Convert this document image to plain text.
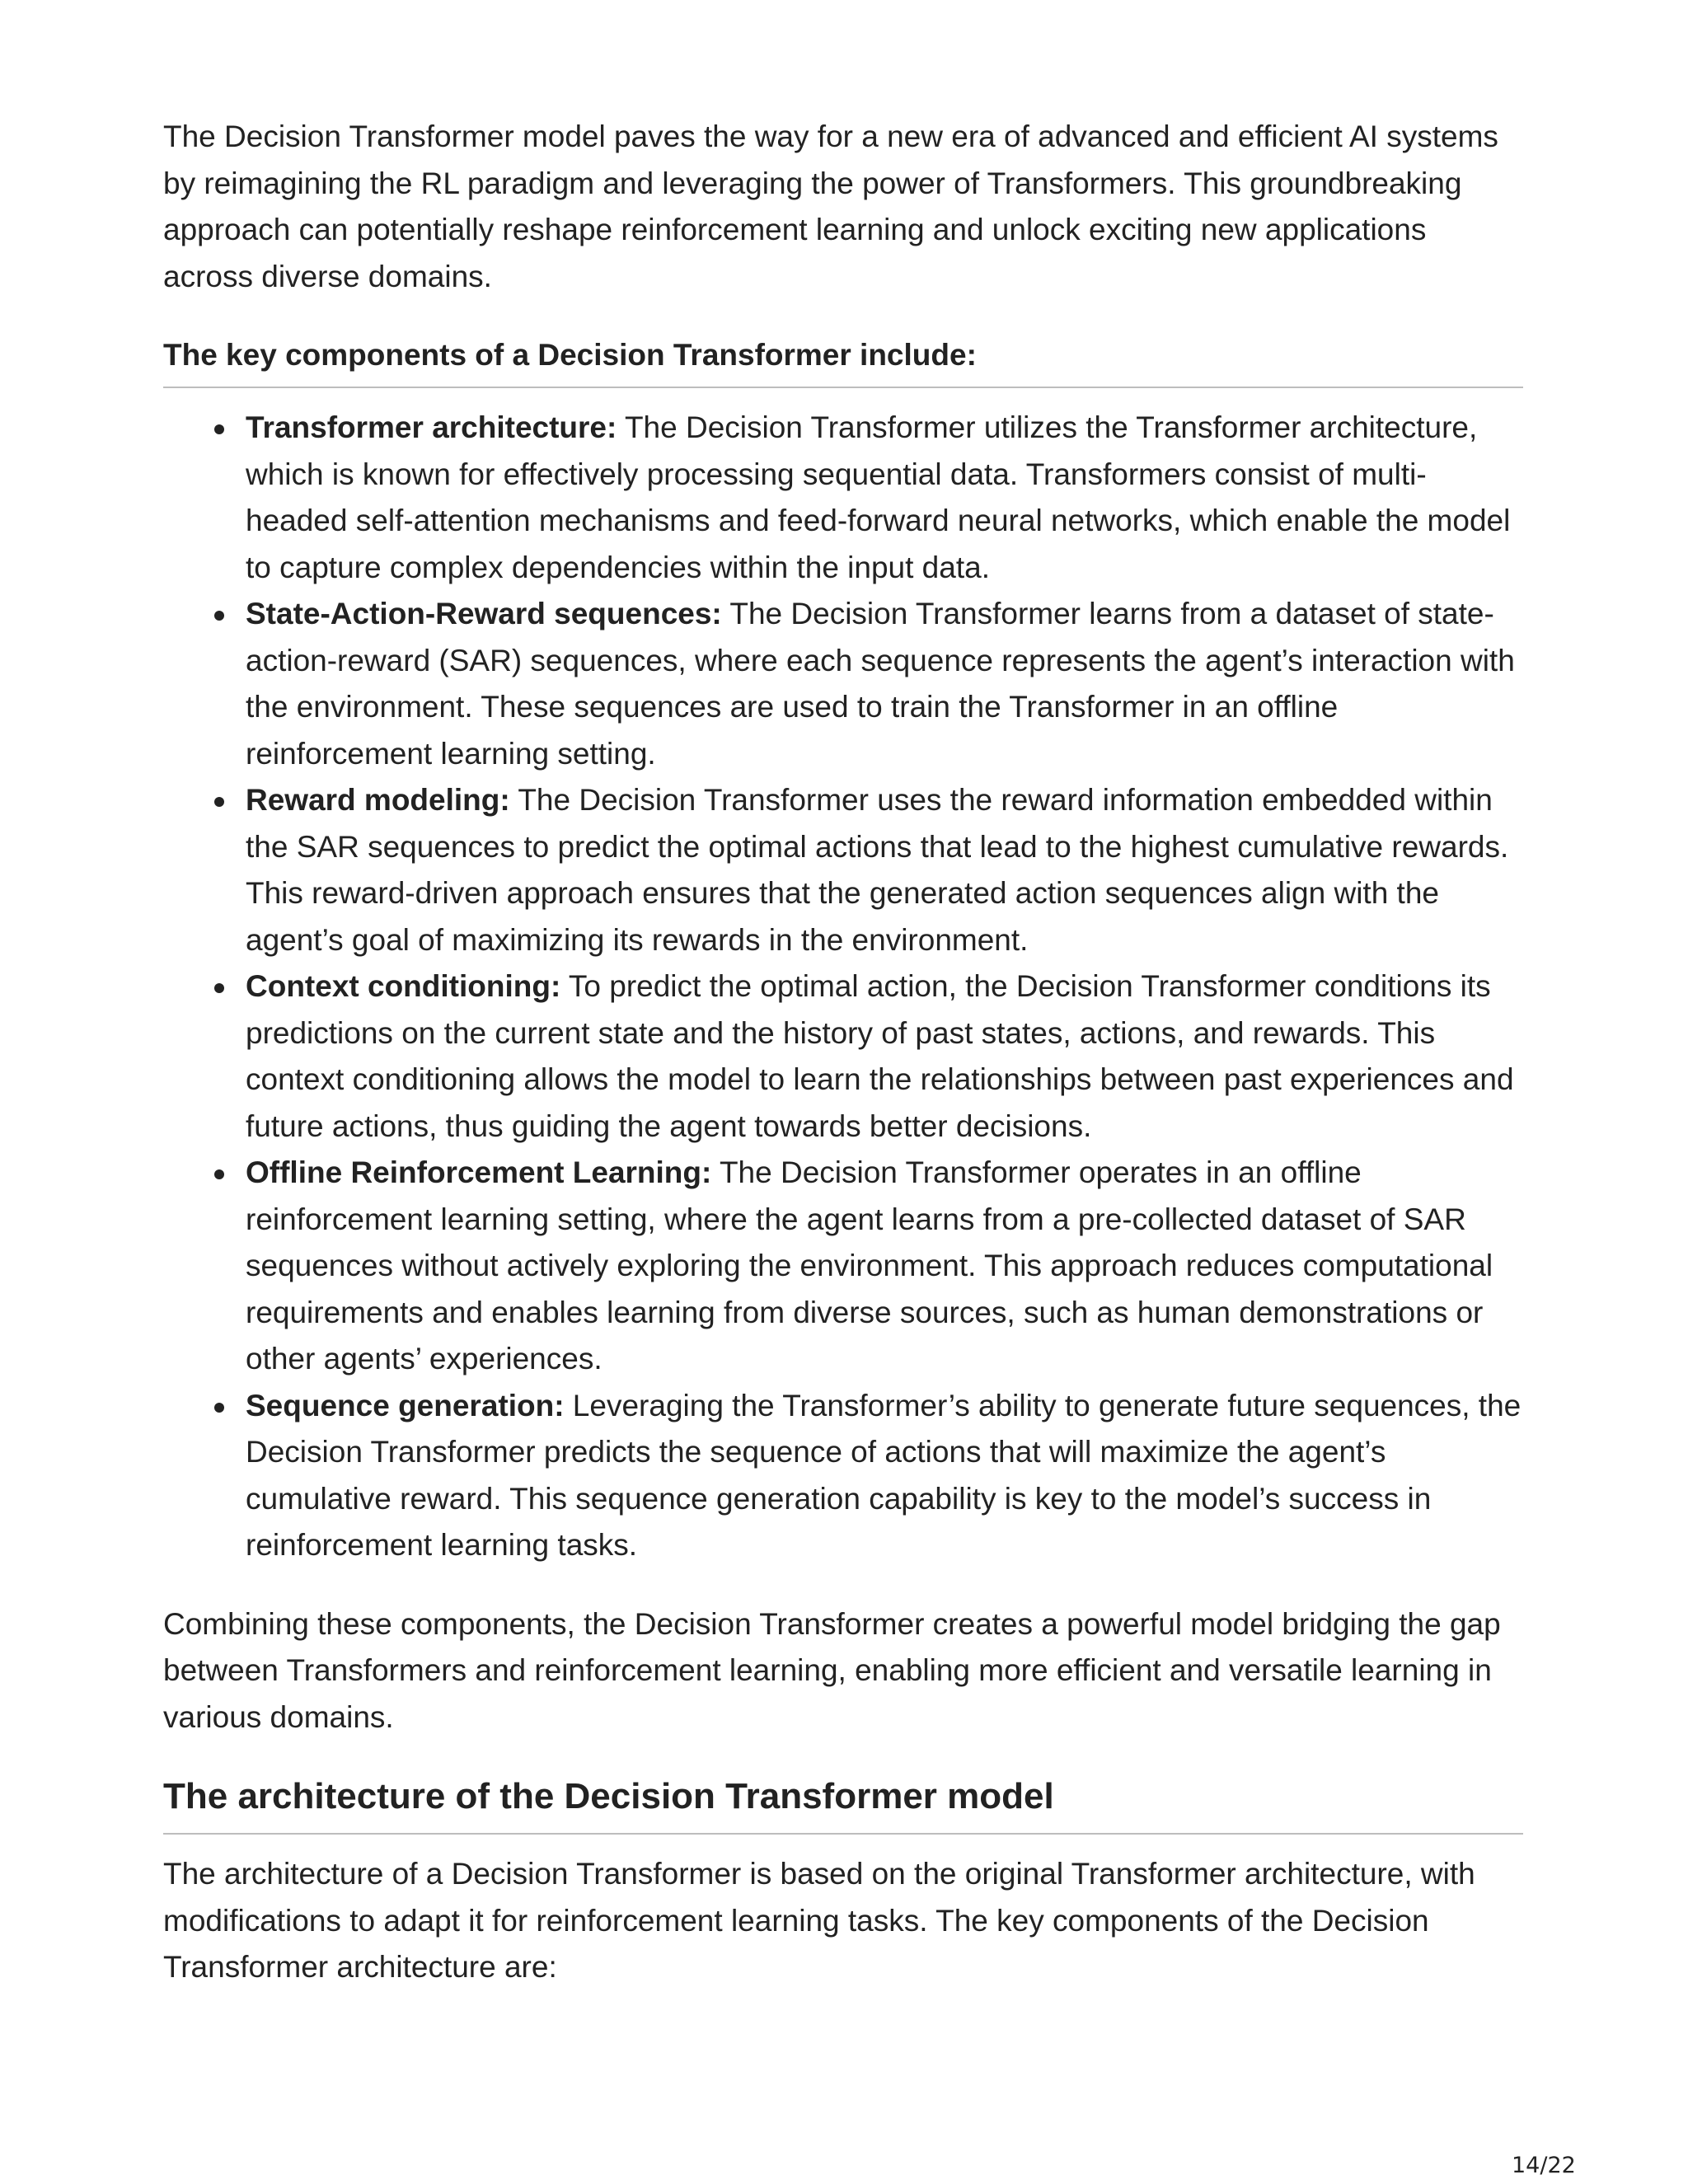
The Decision Transformer model paves the way for a new era of advanced and efficient AI systems by reimagining the RL paradigm and leveraging the power of Transformers. This groundbreaking approach can potentially reshape reinforcement learning and unlock exciting new applications across diverse domains.

The key components of a Decision Transformer include:
Transformer architecture: The Decision Transformer utilizes the Transformer architecture, which is known for effectively processing sequential data. Transformers consist of multi-headed self-attention mechanisms and feed-forward neural networks, which enable the model to capture complex dependencies within the input data.
State-Action-Reward sequences: The Decision Transformer learns from a dataset of state-action-reward (SAR) sequences, where each sequence represents the agent’s interaction with the environment. These sequences are used to train the Transformer in an offline reinforcement learning setting.
Reward modeling: The Decision Transformer uses the reward information embedded within the SAR sequences to predict the optimal actions that lead to the highest cumulative rewards. This reward-driven approach ensures that the generated action sequences align with the agent’s goal of maximizing its rewards in the environment.
Context conditioning: To predict the optimal action, the Decision Transformer conditions its predictions on the current state and the history of past states, actions, and rewards. This context conditioning allows the model to learn the relationships between past experiences and future actions, thus guiding the agent towards better decisions.
Offline Reinforcement Learning: The Decision Transformer operates in an offline reinforcement learning setting, where the agent learns from a pre-collected dataset of SAR sequences without actively exploring the environment. This approach reduces computational requirements and enables learning from diverse sources, such as human demonstrations or other agents’ experiences.
Sequence generation: Leveraging the Transformer’s ability to generate future sequences, the Decision Transformer predicts the sequence of actions that will maximize the agent’s cumulative reward. This sequence generation capability is key to the model’s success in reinforcement learning tasks.

Combining these components, the Decision Transformer creates a powerful model bridging the gap between Transformers and reinforcement learning, enabling more efficient and versatile learning in various domains.

The architecture of the Decision Transformer model

The architecture of a Decision Transformer is based on the original Transformer architecture, with modifications to adapt it for reinforcement learning tasks. The key components of the Decision Transformer architecture are:

14/22
